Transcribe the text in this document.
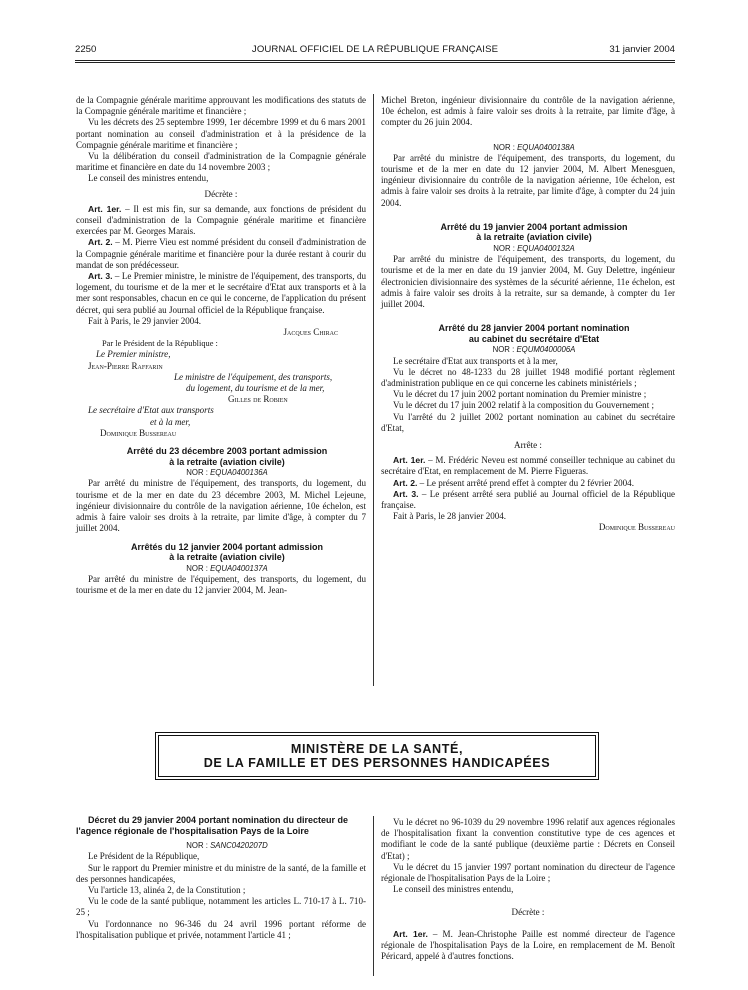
2250	JOURNAL OFFICIEL DE LA RÉPUBLIQUE FRANÇAISE	31 janvier 2004

de la Compagnie générale maritime approuvant les modifications des statuts de la Compagnie générale maritime et financière ;

Vu les décrets des 25 septembre 1999, 1er décembre 1999 et du 6 mars 2001 portant nomination au conseil d'administration et à la présidence de la Compagnie générale maritime et financière ;

Vu la délibération du conseil d'administration de la Compagnie générale maritime et financière en date du 14 novembre 2003 ;

Le conseil des ministres entendu,

Décrète :

Art. 1er. – Il est mis fin, sur sa demande, aux fonctions de président du conseil d'administration de la Compagnie générale maritime et financière exercées par M. Georges Marais.

Art. 2. – M. Pierre Vieu est nommé président du conseil d'administration de la Compagnie générale maritime et financière pour la durée restant à courir du mandat de son prédécesseur.

Art. 3. – Le Premier ministre, le ministre de l'équipement, des transports, du logement, du tourisme et de la mer et le secrétaire d'Etat aux transports et à la mer sont responsables, chacun en ce qui le concerne, de l'application du présent décret, qui sera publié au Journal officiel de la République française.

Fait à Paris, le 29 janvier 2004.

Jacques Chirac

Par le Président de la République :

Le Premier ministre,

Jean-Pierre Raffarin

Le ministre de l'équipement, des transports,

du logement, du tourisme et de la mer,

Gilles de Robien

Le secrétaire d'Etat aux transports

et à la mer,

Dominique Bussereau

Arrêté du 23 décembre 2003 portant admission

à la retraite (aviation civile)

NOR : EQUA0400136A

Par arrêté du ministre de l'équipement, des transports, du logement, du tourisme et de la mer en date du 23 décembre 2003, M. Michel Lejeune, ingénieur divisionnaire du contrôle de la navigation aérienne, 10e échelon, est admis à faire valoir ses droits à la retraite, par limite d'âge, à compter du 7 juillet 2004.

Arrêtés du 12 janvier 2004 portant admission

à la retraite (aviation civile)

NOR : EQUA0400137A

Par arrêté du ministre de l'équipement, des transports, du logement, du tourisme et de la mer en date du 12 janvier 2004, M. Jean-

Michel Breton, ingénieur divisionnaire du contrôle de la navigation aérienne, 10e échelon, est admis à faire valoir ses droits à la retraite, par limite d'âge, à compter du 26 juin 2004.

NOR : EQUA0400138A

Par arrêté du ministre de l'équipement, des transports, du logement, du tourisme et de la mer en date du 12 janvier 2004, M. Albert Menesguen, ingénieur divisionnaire du contrôle de la navigation aérienne, 10e échelon, est admis à faire valoir ses droits à la retraite, par limite d'âge, à compter du 24 juin 2004.

Arrêté du 19 janvier 2004 portant admission

à la retraite (aviation civile)

NOR : EQUA0400132A

Par arrêté du ministre de l'équipement, des transports, du logement, du tourisme et de la mer en date du 19 janvier 2004, M. Guy Delettre, ingénieur électronicien divisionnaire des systèmes de la sécurité aérienne, 11e échelon, est admis à faire valoir ses droits à la retraite, sur sa demande, à compter du 1er juillet 2004.

Arrêté du 28 janvier 2004 portant nomination

au cabinet du secrétaire d'Etat

NOR : EQUM0400006A

Le secrétaire d'Etat aux transports et à la mer,

Vu le décret no 48-1233 du 28 juillet 1948 modifié portant règlement d'administration publique en ce qui concerne les cabinets ministériels ;

Vu le décret du 17 juin 2002 portant nomination du Premier ministre ;

Vu le décret du 17 juin 2002 relatif à la composition du Gouvernement ;

Vu l'arrêté du 2 juillet 2002 portant nomination au cabinet du secrétaire d'Etat,

Arrête :

Art. 1er. – M. Frédéric Neveu est nommé conseiller technique au cabinet du secrétaire d'Etat, en remplacement de M. Pierre Figueras.

Art. 2. – Le présent arrêté prend effet à compter du 2 février 2004.

Art. 3. – Le présent arrêté sera publié au Journal officiel de la République française.

Fait à Paris, le 28 janvier 2004.

Dominique Bussereau

MINISTÈRE DE LA SANTÉ,
DE LA FAMILLE ET DES PERSONNES HANDICAPÉES

Décret du 29 janvier 2004 portant nomination du directeur de l'agence régionale de l'hospitalisation Pays de la Loire

NOR : SANC0420207D

Le Président de la République,

Sur le rapport du Premier ministre et du ministre de la santé, de la famille et des personnes handicapées,

Vu l'article 13, alinéa 2, de la Constitution ;

Vu le code de la santé publique, notamment les articles L. 710-17 à L. 710-25 ;

Vu l'ordonnance no 96-346 du 24 avril 1996 portant réforme de l'hospitalisation publique et privée, notamment l'article 41 ;

Vu le décret no 96-1039 du 29 novembre 1996 relatif aux agences régionales de l'hospitalisation fixant la convention constitutive type de ces agences et modifiant le code de la santé publique (deuxième partie : Décrets en Conseil d'Etat) ;

Vu le décret du 15 janvier 1997 portant nomination du directeur de l'agence régionale de l'hospitalisation Pays de la Loire ;

Le conseil des ministres entendu,

Décrète :

Art. 1er. – M. Jean-Christophe Paille est nommé directeur de l'agence régionale de l'hospitalisation Pays de la Loire, en remplacement de M. Benoît Péricard, appelé à d'autres fonctions.
